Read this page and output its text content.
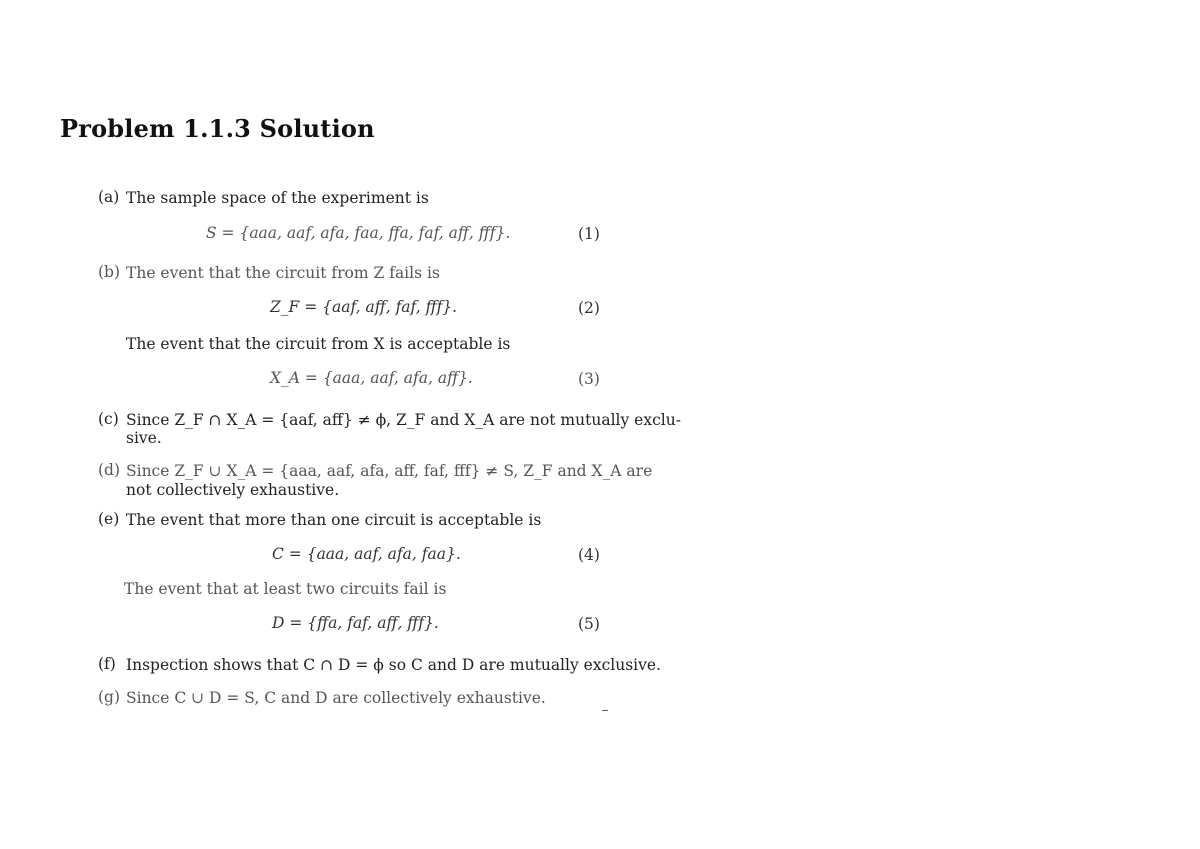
Problem 1.1.3 Solution
(a) The sample space of the experiment is
S = {aaa, aaf, afa, faa, ffa, faf, aff, fff}.	(1)
(b) The event that the circuit from Z fails is
Z_F = {aaf, aff, faf, fff}.	(2)
The event that the circuit from X is acceptable is
X_A = {aaa, aaf, afa, aff}.	(3)
(c) Since Z_F ∩ X_A = {aaf, aff} ≠ ϕ, Z_F and X_A are not mutually exclu-
sive.
(d) Since Z_F ∪ X_A = {aaa, aaf, afa, aff, faf, fff} ≠ S, Z_F and X_A are
not collectively exhaustive.
(e) The event that more than one circuit is acceptable is
C = {aaa, aaf, afa, faa}.	(4)
The event that at least two circuits fail is
D = {ffa, faf, aff, fff}.	(5)
(f) Inspection shows that C ∩ D = ϕ so C and D are mutually exclusive.
(g) Since C ∪ D = S, C and D are collectively exhaustive.
